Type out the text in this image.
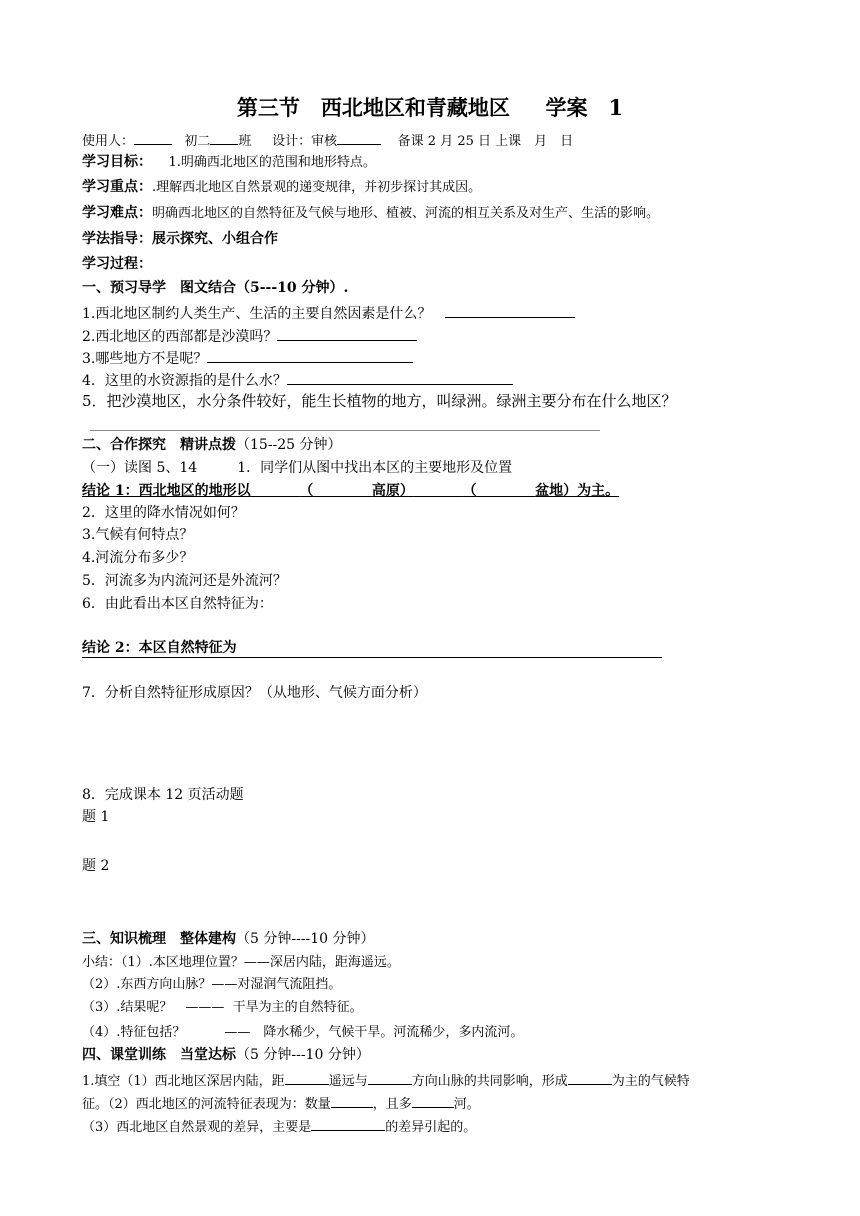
第三节　西北地区和青藏地区　  学案　1
使用人：	初二 班 设计：审核	备课 2 月 25 日 上课　月　日
学习目标： 1.明确西北地区的范围和地形特点。
学习重点：.理解西北地区自然景观的递变规律，并初步探讨其成因。
学习难点：明确西北地区的自然特征及气候与地形、植被、河流的相互关系及对生产、生活的影响。
学法指导：展示探究、小组合作
学习过程：
一、预习导学　图文结合（5---10 分钟）.
1.西北地区制约人类生产、生活的主要自然因素是什么？
2.西北地区的西部都是沙漠吗？
3.哪些地方不是呢？
4．这里的水资源指的是什么水？
5．把沙漠地区，水分条件较好，能生长植物的地方，叫绿洲。绿洲主要分布在什么地区？
二、合作探究　精讲点拨（15--25 分钟）
（一）读图 5、14	1．同学们从图中找出本区的主要地形及位置
结论 1：西北地区的地形以	（	高原）	（	盆地）为主。
2．这里的降水情况如何？
3.气候有何特点？
4.河流分布多少？
5．河流多为内流河还是外流河？
6．由此看出本区自然特征为：
结论 2：本区自然特征为
7．分析自然特征形成原因？（从地形、气候方面分析）
8．完成课本 12 页活动题
题 1
题 2
三、知识梳理　整体建构（5 分钟----10 分钟）
小结：（1）.本区地理位置？——深居内陆，距海遥远。
（2）.东西方向山脉？——对湿润气流阻挡。
（3）.结果呢？　———  干旱为主的自然特征。
（4）.特征包括？　　　——　降水稀少，气候干旱。河流稀少，多内流河。
四、课堂训练　当堂达标（5 分钟---10 分钟）
1.填空（1）西北地区深居内陆，距	遥远与	方向山脉的共同影响，形成	为主的气候特
征。（2）西北地区的河流特征表现为：数量	，且多	河。
（3）西北地区自然景观的差异，主要是	的差异引起的。
